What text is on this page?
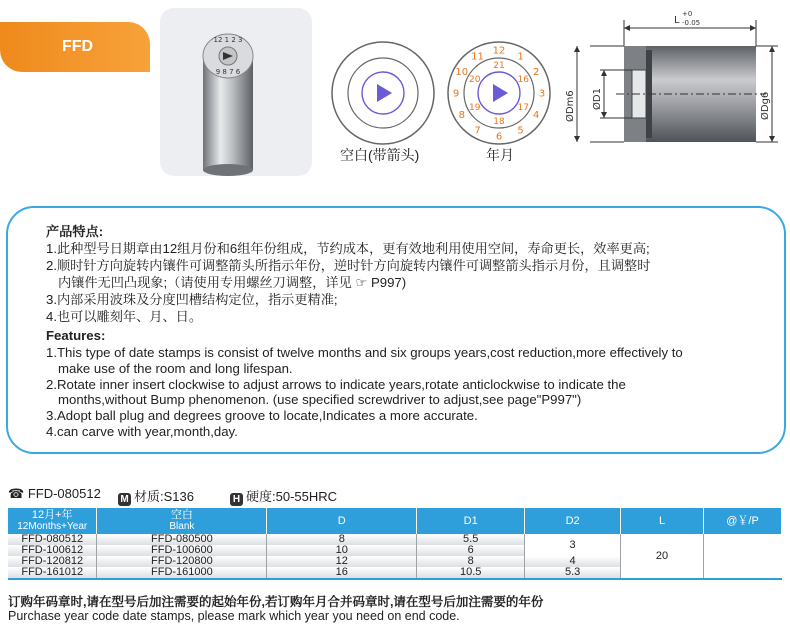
FFD	12 1 2 3
9 8 7 6
空白(带箭头)
12
1
2
3
4
5
6
7
8
9
10
11
21
16
17
18
19
20
年月
L
+0
-0.05
ØDm6 ØD1	ØDg6
产品特点:
1.此种型号日期章由12组月份和6组年份组成，节约成本，更有效地利用使用空间，寿命更长，效率更高;
2.顺时针方向旋转内镶件可调整箭头所指示年份，逆时针方向旋转内镶件可调整箭头指示月份，且调整时
内镶件无凹凸现象;（请使用专用螺丝刀调整，详见 ☞ P997)
3.内部采用波珠及分度凹槽结构定位，指示更精准;
4.也可以雕刻年、月、日。
Features:
1.This type of date stamps is consist of twelve months and six groups years,cost reduction,more effectively to
make use of the room and long lifespan.
2.Rotate inner insert clockwise to adjust arrows to indicate years,rotate anticlockwise to indicate the
months,without Bump phenomenon. (use specified screwdriver to adjust,see page"P997")
3.Adopt ball plug and degrees groove to locate,Indicates a more accurate.
4.can carve with year,month,day.
☎ FFD-080512 M 材质:S136	H 硬度:50-55HRC
12月+年
12Months+Year	空白
Blank	D	D1	D2	L	@￥/P
FFD-080512	FFD-080500	8	5.5	3	20	
FFD-100612	FFD-100600	10	6			
FFD-120812	FFD-120800	12	8	4		
FFD-161012	FFD-161000	16	10.5	5.3		
订购年码章时,请在型号后加注需要的起始年份,若订购年月合并码章时,请在型号后加注需要的年份
Purchase year code date stamps, please mark which year you need on end code.
